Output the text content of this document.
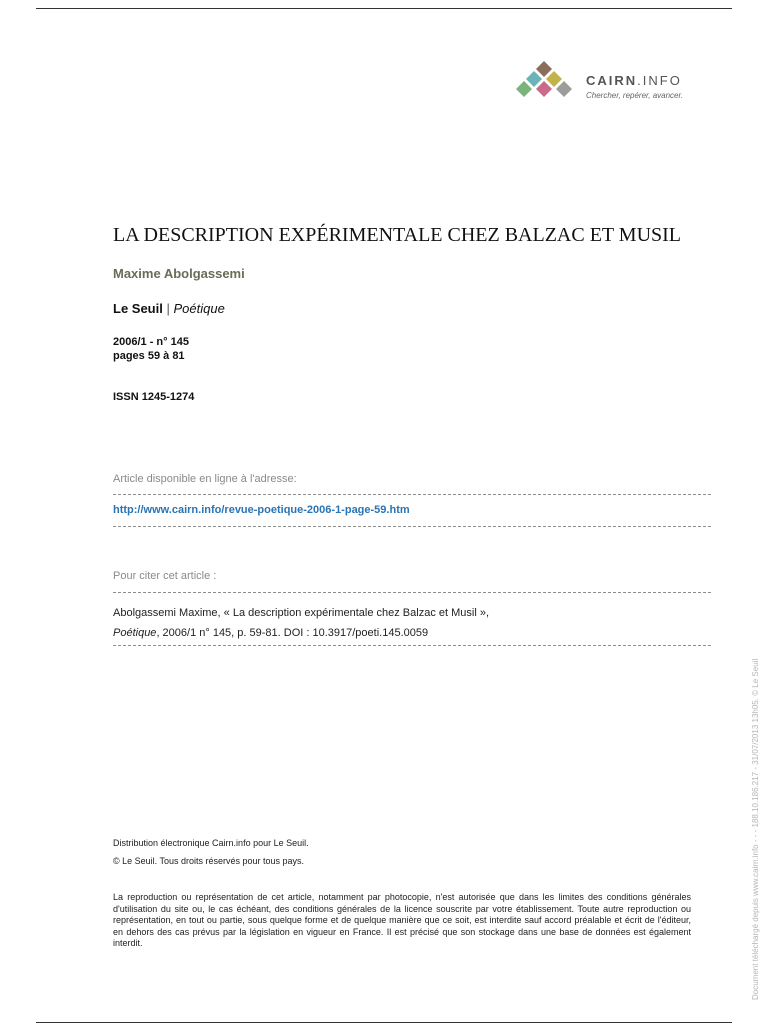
CAIRN.INFO
Chercher, repérer, avancer.
LA DESCRIPTION EXPÉRIMENTALE CHEZ BALZAC ET MUSIL
Maxime Abolgassemi
Le Seuil | Poétique
2006/1 - n° 145
pages 59 à 81
ISSN 1245-1274
Article disponible en ligne à l'adresse:
http://www.cairn.info/revue-poetique-2006-1-page-59.htm
Pour citer cet article :
Abolgassemi Maxime, « La description expérimentale chez Balzac et Musil »,
Poétique, 2006/1 n° 145, p. 59-81. DOI : 10.3917/poeti.145.0059
Distribution électronique Cairn.info pour Le Seuil.
© Le Seuil. Tous droits réservés pour tous pays.
La reproduction ou représentation de cet article, notamment par photocopie, n'est autorisée que dans les limites des conditions générales d'utilisation du site ou, le cas échéant, des conditions générales de la licence souscrite par votre établissement. Toute autre reproduction ou représentation, en tout ou partie, sous quelque forme et de quelque manière que ce soit, est interdite sauf accord préalable et écrit de l'éditeur, en dehors des cas prévus par la législation en vigueur en France. Il est précisé que son stockage dans une base de données est également interdit.	Document téléchargé depuis www.cairn.info - - - 188.10.186.217 - 31/07/2013 13h05. © Le Seuil
